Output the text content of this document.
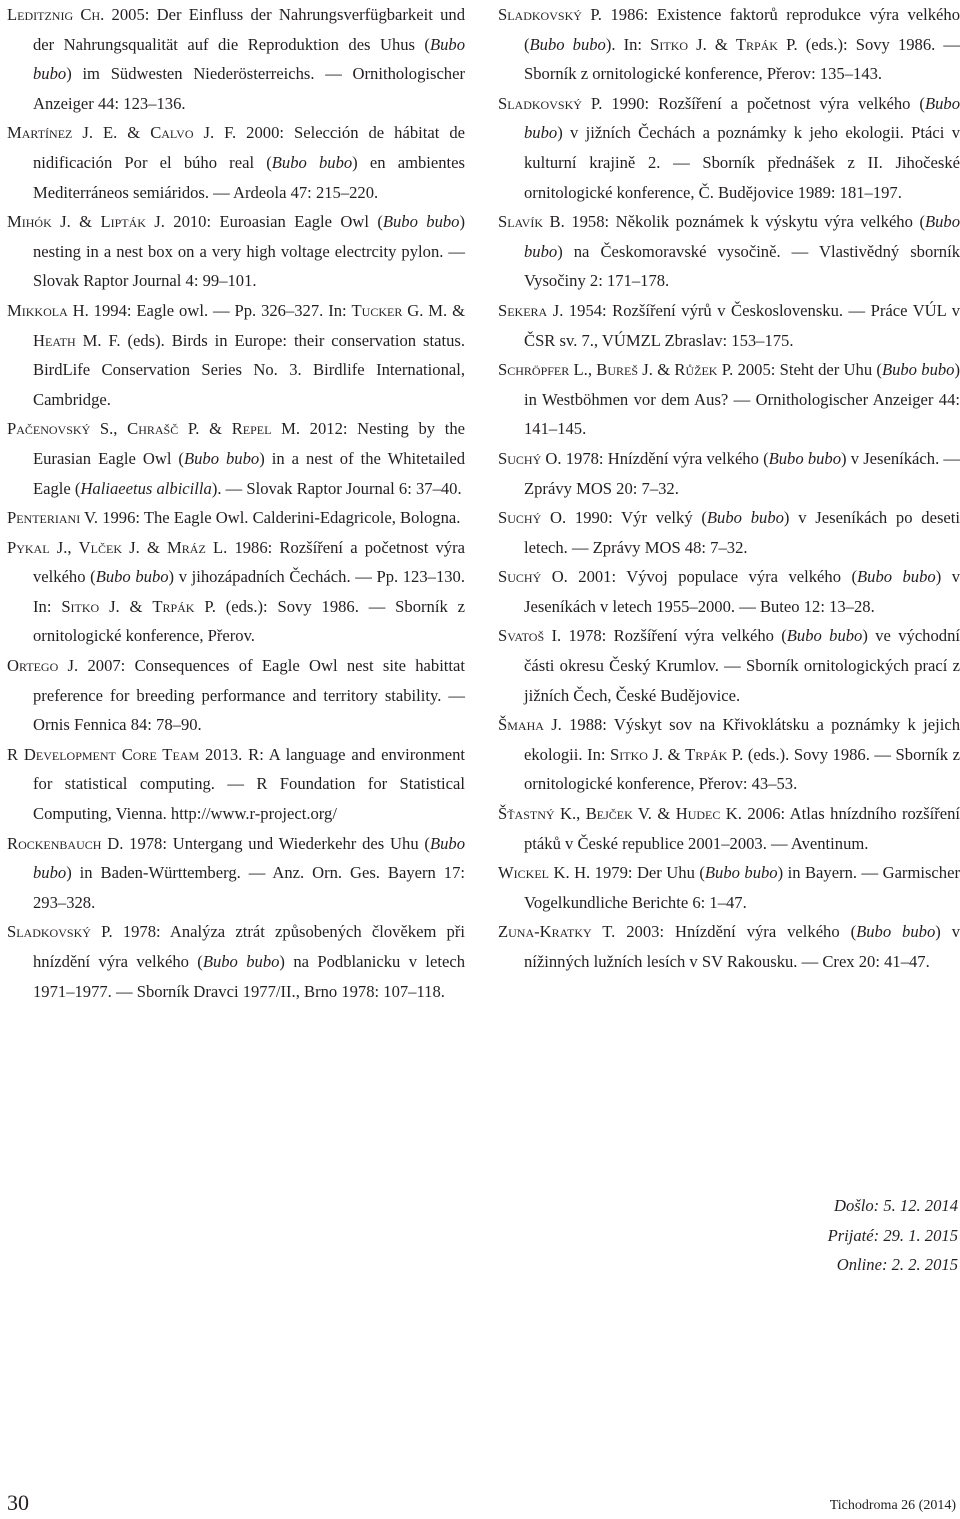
Leditznig Ch. 2005: Der Einfluss der Nahrungsverfügbarkeit und der Nahrungsqualität auf die Reproduktion des Uhus (Bubo bubo) im Südwesten Niederösterreichs. — Ornithologischer Anzeiger 44: 123–136.

Martínez J. E. & Calvo J. F. 2000: Selección de hábitat de nidificación Por el búho real (Bubo bubo) en ambientes Mediterráneos semiáridos. — Ardeola 47: 215–220.

Mihók J. & Lipták J. 2010: Euroasian Eagle Owl (Bubo bubo) nesting in a nest box on a very high voltage electrcity pylon. — Slovak Raptor Journal 4: 99–101.

Mikkola H. 1994: Eagle owl. — Pp. 326–327. In: Tucker G. M. & Heath M. F. (eds). Birds in Europe: their conservation status. BirdLife Conservation Series No. 3. Birdlife International, Cambridge.

Pačenovský S., Chrašč P. & Repel M. 2012: Nesting by the Eurasian Eagle Owl (Bubo bubo) in a nest of the Whitetailed Eagle (Haliaeetus albicilla). — Slovak Raptor Journal 6: 37–40.

Penteriani V. 1996: The Eagle Owl. Calderini-Edagricole, Bologna.

Pykal J., Vlček J. & Mráz L. 1986: Rozšíření a početnost výra velkého (Bubo bubo) v jihozápadních Čechách. — Pp. 123–130. In: Sitko J. & Trpák P. (eds.): Sovy 1986. — Sborník z ornitologické konference, Přerov.

Ortego J. 2007: Consequences of Eagle Owl nest site habittat preference for breeding performance and territory stability. — Ornis Fennica 84: 78–90.

R Development Core Team 2013. R: A language and environment for statistical computing. — R Foundation for Statistical Computing, Vienna. http://www.r-project.org/

Rockenbauch D. 1978: Untergang und Wiederkehr des Uhu (Bubo bubo) in Baden-Württemberg. — Anz. Orn. Ges. Bayern 17: 293–328.

Sladkovský P. 1978: Analýza ztrát způsobených člověkem při hnízdění výra velkého (Bubo bubo) na Podblanicku v letech 1971–1977. — Sborník Dravci 1977/II., Brno 1978: 107–118.

Sladkovský P. 1986: Existence faktorů reprodukce výra velkého (Bubo bubo). In: Sitko J. & Trpák P. (eds.): Sovy 1986. — Sborník z ornitologické konference, Přerov: 135–143.

Sladkovský P. 1990: Rozšíření a početnost výra velkého (Bubo bubo) v jižních Čechách a poznámky k jeho ekologii. Ptáci v kulturní krajině 2. — Sborník přednášek z II. Jihočeské ornitologické konference, Č. Budějovice 1989: 181–197.

Slavík B. 1958: Několik poznámek k výskytu výra velkého (Bubo bubo) na Českomoravské vysočině. — Vlastivědný sborník Vysočiny 2: 171–178.

Sekera J. 1954: Rozšíření výrů v Československu. — Práce VÚL v ČSR sv. 7., VÚMZL Zbraslav: 153–175.

Schröpfer L., Bureš J. & Růžek P. 2005: Steht der Uhu (Bubo bubo) in Westböhmen vor dem Aus? — Ornithologischer Anzeiger 44: 141–145.

Suchý O. 1978: Hnízdění výra velkého (Bubo bubo) v Jeseníkách. — Zprávy MOS 20: 7–32.

Suchý O. 1990: Výr velký (Bubo bubo) v Jeseníkách po deseti letech. — Zprávy MOS 48: 7–32.

Suchý O. 2001: Vývoj populace výra velkého (Bubo bubo) v Jeseníkách v letech 1955–2000. — Buteo 12: 13–28.

Svatoš I. 1978: Rozšíření výra velkého (Bubo bubo) ve východní části okresu Český Krumlov. — Sborník ornitologických prací z jižních Čech, České Budějovice.

Šmaha J. 1988: Výskyt sov na Křivoklátsku a poznámky k jejich ekologii. In: Sitko J. & Trpák P. (eds.). Sovy 1986. — Sborník z ornitologické konference, Přerov: 43–53.

Šťastný K., Bejček V. & Hudec K. 2006: Atlas hnízdního rozšíření ptáků v České republice 2001–2003. — Aventinum.

Wickel K. H. 1979: Der Uhu (Bubo bubo) in Bayern. — Garmischer Vogelkundliche Berichte 6: 1–47.

Zuna-Kratky T. 2003: Hnízdění výra velkého (Bubo bubo) v nížinných lužních lesích v SV Rakousku. — Crex 20: 41–47.

Došlo: 5. 12. 2014
Prijaté: 29. 1. 2015
Online: 2. 2. 2015
30	Tichodroma 26 (2014)
